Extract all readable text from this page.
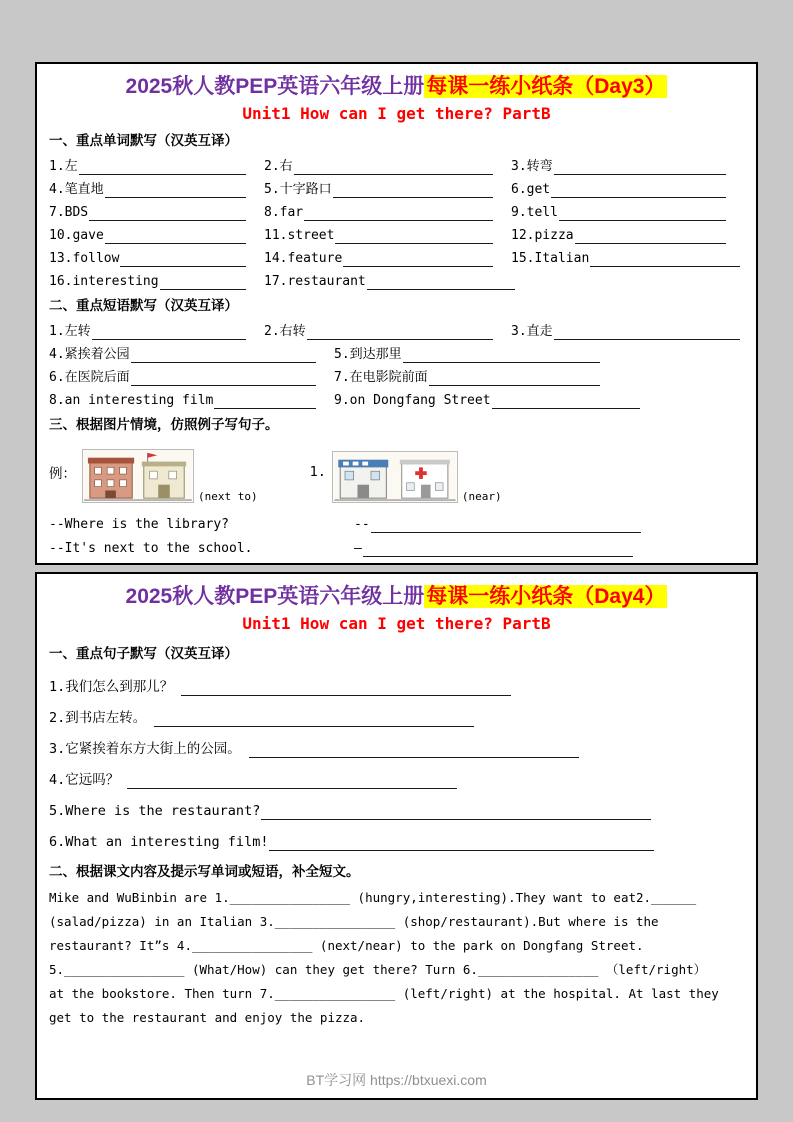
2025秋人教PEP英语六年级上册每课一练小纸条（Day3）
Unit1 How can I get there? PartB
一、重点单词默写（汉英互译）
1.左	2.右	3.转弯
4.笔直地	5.十字路口	6.get
7.BDS	8.far	9.tell
10.gave	11.street	12.pizza
13.follow	14.feature	15.Italian
16.interesting	17.restaurant
二、重点短语默写（汉英互译）
1.左转	2.右转	3.直走
4.紧挨着公园	5.到达那里
6.在医院后面	7.在电影院前面
8.an interesting film	9.on Dongfang Street
三、根据图片情境，仿照例子写句子。
例：
(next to)
1.
(near)
--Where is the library?
--It's next to the school.
--
—
2025秋人教PEP英语六年级上册每课一练小纸条（Day4）
Unit1 How can I get there? PartB
一、重点句子默写（汉英互译）
1.我们怎么到那儿？
2.到书店左转。
3.它紧挨着东方大街上的公园。
4.它远吗？
5.Where is the restaurant?
6.What an interesting film!
二、根据课文内容及提示写单词或短语，补全短文。
Mike and WuBinbin are 1.________________ (hungry,interesting).They want to eat2.______
(salad/pizza) in an Italian 3.________________ (shop/restaurant).But where is the
restaurant? It”s 4.________________ (next/near) to the park on Dongfang Street.
5.________________ (What/How) can they get there? Turn 6.________________ （left/right）
at the bookstore. Then turn 7.________________ (left/right) at the hospital. At last they
get to the restaurant and enjoy the pizza.
BT学习网 https://btxuexi.com
